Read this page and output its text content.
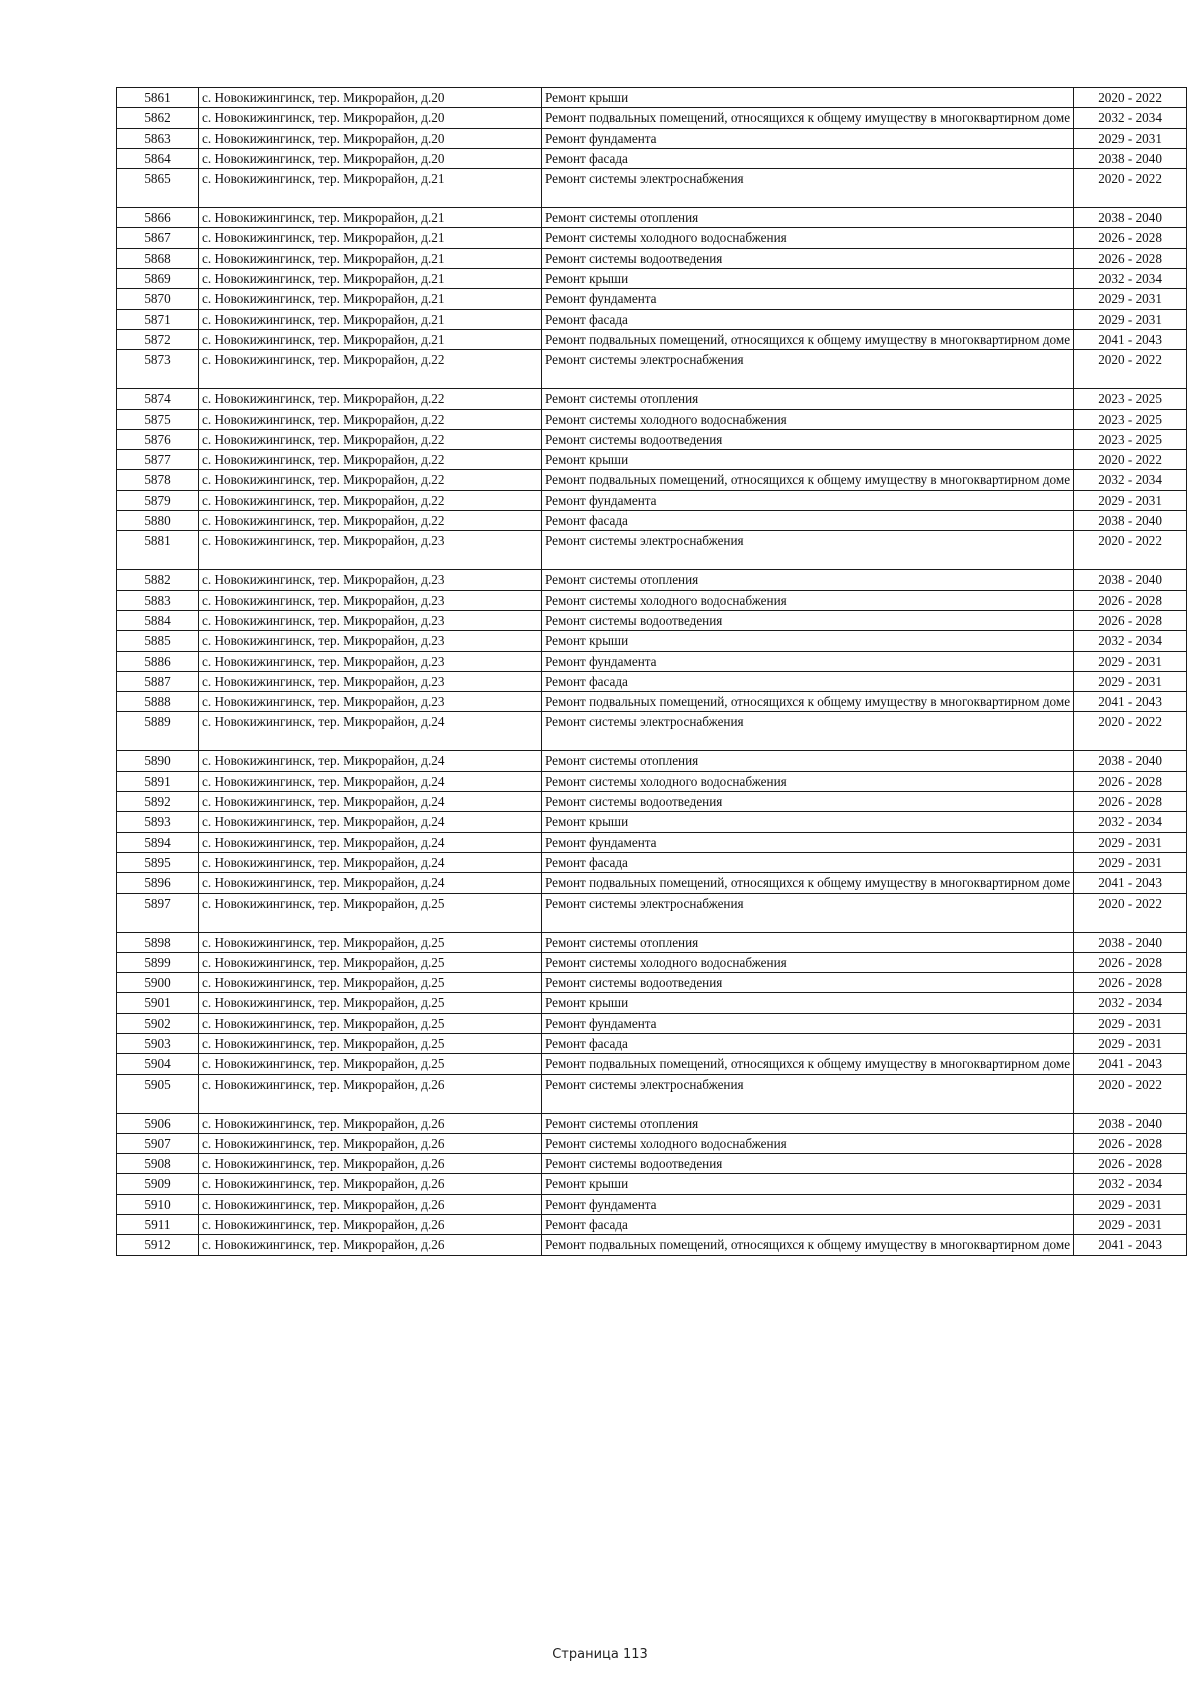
5861	с. Новокижингинск, тер. Микрорайон, д.20	Ремонт крыши	2020 - 2022
5862	с. Новокижингинск, тер. Микрорайон, д.20	Ремонт подвальных помещений, относящихся к общему имуществу в многоквартирном доме	2032 - 2034
5863	с. Новокижингинск, тер. Микрорайон, д.20	Ремонт фундамента	2029 - 2031
5864	с. Новокижингинск, тер. Микрорайон, д.20	Ремонт фасада	2038 - 2040
5865	с. Новокижингинск, тер. Микрорайон, д.21	Ремонт системы электроснабжения	2020 - 2022
5866	с. Новокижингинск, тер. Микрорайон, д.21	Ремонт системы отопления	2038 - 2040
5867	с. Новокижингинск, тер. Микрорайон, д.21	Ремонт системы холодного водоснабжения	2026 - 2028
5868	с. Новокижингинск, тер. Микрорайон, д.21	Ремонт системы водоотведения	2026 - 2028
5869	с. Новокижингинск, тер. Микрорайон, д.21	Ремонт крыши	2032 - 2034
5870	с. Новокижингинск, тер. Микрорайон, д.21	Ремонт фундамента	2029 - 2031
5871	с. Новокижингинск, тер. Микрорайон, д.21	Ремонт фасада	2029 - 2031
5872	с. Новокижингинск, тер. Микрорайон, д.21	Ремонт подвальных помещений, относящихся к общему имуществу в многоквартирном доме	2041 - 2043
5873	с. Новокижингинск, тер. Микрорайон, д.22	Ремонт системы электроснабжения	2020 - 2022
5874	с. Новокижингинск, тер. Микрорайон, д.22	Ремонт системы отопления	2023 - 2025
5875	с. Новокижингинск, тер. Микрорайон, д.22	Ремонт системы холодного водоснабжения	2023 - 2025
5876	с. Новокижингинск, тер. Микрорайон, д.22	Ремонт системы водоотведения	2023 - 2025
5877	с. Новокижингинск, тер. Микрорайон, д.22	Ремонт крыши	2020 - 2022
5878	с. Новокижингинск, тер. Микрорайон, д.22	Ремонт подвальных помещений, относящихся к общему имуществу в многоквартирном доме	2032 - 2034
5879	с. Новокижингинск, тер. Микрорайон, д.22	Ремонт фундамента	2029 - 2031
5880	с. Новокижингинск, тер. Микрорайон, д.22	Ремонт фасада	2038 - 2040
5881	с. Новокижингинск, тер. Микрорайон, д.23	Ремонт системы электроснабжения	2020 - 2022
5882	с. Новокижингинск, тер. Микрорайон, д.23	Ремонт системы отопления	2038 - 2040
5883	с. Новокижингинск, тер. Микрорайон, д.23	Ремонт системы холодного водоснабжения	2026 - 2028
5884	с. Новокижингинск, тер. Микрорайон, д.23	Ремонт системы водоотведения	2026 - 2028
5885	с. Новокижингинск, тер. Микрорайон, д.23	Ремонт крыши	2032 - 2034
5886	с. Новокижингинск, тер. Микрорайон, д.23	Ремонт фундамента	2029 - 2031
5887	с. Новокижингинск, тер. Микрорайон, д.23	Ремонт фасада	2029 - 2031
5888	с. Новокижингинск, тер. Микрорайон, д.23	Ремонт подвальных помещений, относящихся к общему имуществу в многоквартирном доме	2041 - 2043
5889	с. Новокижингинск, тер. Микрорайон, д.24	Ремонт системы электроснабжения	2020 - 2022
5890	с. Новокижингинск, тер. Микрорайон, д.24	Ремонт системы отопления	2038 - 2040
5891	с. Новокижингинск, тер. Микрорайон, д.24	Ремонт системы холодного водоснабжения	2026 - 2028
5892	с. Новокижингинск, тер. Микрорайон, д.24	Ремонт системы водоотведения	2026 - 2028
5893	с. Новокижингинск, тер. Микрорайон, д.24	Ремонт крыши	2032 - 2034
5894	с. Новокижингинск, тер. Микрорайон, д.24	Ремонт фундамента	2029 - 2031
5895	с. Новокижингинск, тер. Микрорайон, д.24	Ремонт фасада	2029 - 2031
5896	с. Новокижингинск, тер. Микрорайон, д.24	Ремонт подвальных помещений, относящихся к общему имуществу в многоквартирном доме	2041 - 2043
5897	с. Новокижингинск, тер. Микрорайон, д.25	Ремонт системы электроснабжения	2020 - 2022
5898	с. Новокижингинск, тер. Микрорайон, д.25	Ремонт системы отопления	2038 - 2040
5899	с. Новокижингинск, тер. Микрорайон, д.25	Ремонт системы холодного водоснабжения	2026 - 2028
5900	с. Новокижингинск, тер. Микрорайон, д.25	Ремонт системы водоотведения	2026 - 2028
5901	с. Новокижингинск, тер. Микрорайон, д.25	Ремонт крыши	2032 - 2034
5902	с. Новокижингинск, тер. Микрорайон, д.25	Ремонт фундамента	2029 - 2031
5903	с. Новокижингинск, тер. Микрорайон, д.25	Ремонт фасада	2029 - 2031
5904	с. Новокижингинск, тер. Микрорайон, д.25	Ремонт подвальных помещений, относящихся к общему имуществу в многоквартирном доме	2041 - 2043
5905	с. Новокижингинск, тер. Микрорайон, д.26	Ремонт системы электроснабжения	2020 - 2022
5906	с. Новокижингинск, тер. Микрорайон, д.26	Ремонт системы отопления	2038 - 2040
5907	с. Новокижингинск, тер. Микрорайон, д.26	Ремонт системы холодного водоснабжения	2026 - 2028
5908	с. Новокижингинск, тер. Микрорайон, д.26	Ремонт системы водоотведения	2026 - 2028
5909	с. Новокижингинск, тер. Микрорайон, д.26	Ремонт крыши	2032 - 2034
5910	с. Новокижингинск, тер. Микрорайон, д.26	Ремонт фундамента	2029 - 2031
5911	с. Новокижингинск, тер. Микрорайон, д.26	Ремонт фасада	2029 - 2031
5912	с. Новокижингинск, тер. Микрорайон, д.26	Ремонт подвальных помещений, относящихся к общему имуществу в многоквартирном доме	2041 - 2043
Страница 113
